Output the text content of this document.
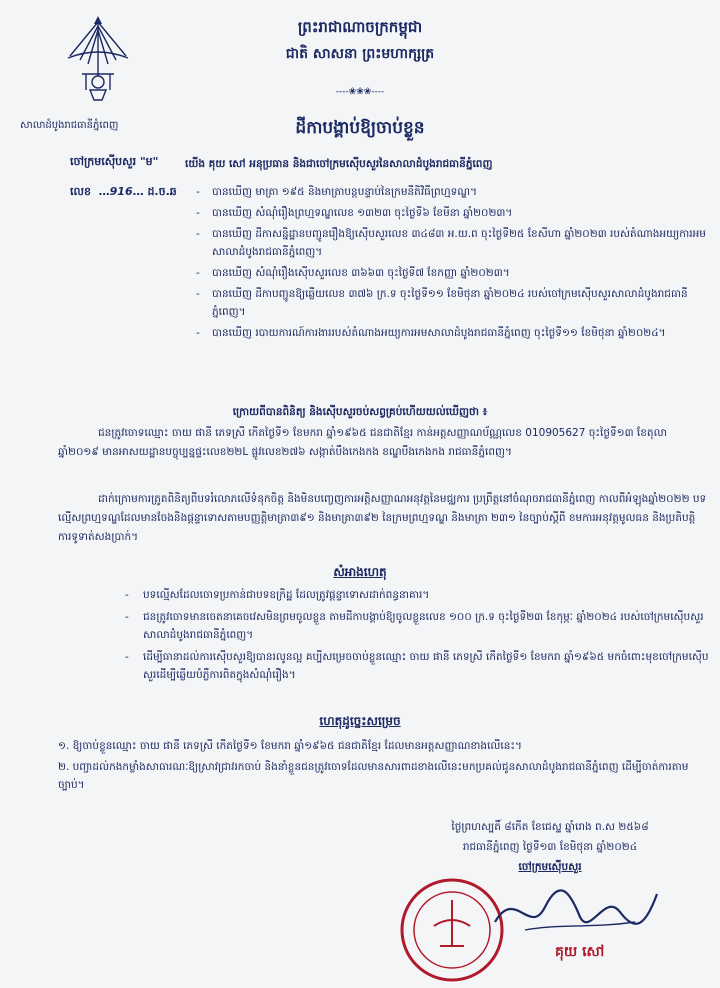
ព្រះរាជាណាចក្រកម្ពុជា
ជាតិ សាសនា ព្រះមហាក្សត្រ
----❀❀❀----
សាលាដំបូងរាជធានីភ្នំពេញ	ដីកាបង្គាប់ឱ្យចាប់ខ្លួន
ចៅក្រមស៊ើបសួរ "ម"	យើង គុយ សៅ អនុប្រធាន និងជាចៅក្រមស៊ើបសួរនៃសាលាដំបូងរាជធានីភ្នំពេញ
លេខ  …916… ដ.ច.ឆ
-	បានឃើញ មាត្រា ១៩៥ និងមាត្រាបន្តបន្ទាប់នៃក្រមនីតិវិធីព្រហ្មទណ្ឌ។
- បានឃើញ សំណុំរឿងព្រហ្មទណ្ឌលេខ ១៣២៣ ចុះថ្ងៃទី៦ ខែមីនា ឆ្នាំ២០២៣។
- បានឃើញ ដីកាសន្និដ្ឋានបញ្ជូនរឿងឱ្យស៊ើបសួរលេខ ៣៤៨៣ អ.យ.ព ចុះថ្ងៃទី២៥ ខែសីហា ឆ្នាំ២០២៣ របស់តំណាងអយ្យការអមសាលាដំបូងរាជធានីភ្នំពេញ។
- បានឃើញ សំណុំរឿងស៊ើបសួរលេខ ៣៦៦៣ ចុះថ្ងៃទី៧ ខែកញ្ញា ឆ្នាំ២០២៣។
- បានឃើញ ដីកាបញ្ជូនឱ្យឆ្លើយលេខ ៣៧៦ ក្រ.ទ ចុះថ្ងៃទី១១ ខែមិថុនា ឆ្នាំ២០២៤ របស់ចៅក្រមស៊ើបសួរសាលាដំបូងរាជធានីភ្នំពេញ។
- បានឃើញ របាយការណ៍ការងាររបស់តំណាងអយ្យការអមសាលាដំបូងរាជធានីភ្នំពេញ ចុះថ្ងៃទី១១ ខែមិថុនា ឆ្នាំ២០២៤។
ក្រោយពីបានពិនិត្យ និងស៊ើបសួរចប់សព្វគ្រប់ហើយយល់ឃើញថា ៖

ជនត្រូវចោទឈ្មោះ ចាយ ផានី ភេទស្រី កើតថ្ងៃទី១ ខែមករា ឆ្នាំ១៩៦៥ ជនជាតិខ្មែរ កាន់អត្តសញ្ញាណប័ណ្ណលេខ 010905627 ចុះថ្ងៃទី១៣ ខែតុលា ឆ្នាំ២០១៩ មានអាសយដ្ឋានបច្ចុប្បន្នផ្ទះលេខ២២L ផ្លូវលេខ២៧៦ សង្កាត់បឹងកេងកង ខណ្ឌបឹងកេងកង រាជធានីភ្នំពេញ។

ដាក់ក្រោមការត្រូតពិនិត្យពីបទរំលោភលើទំនុកចិត្ត និងមិនបញ្ចេញការអត្តិសញ្ញាណអនុវត្តនៃមជ្ឈការ ប្រព្រឹត្តនៅចំណុចរាជធានីភ្នំពេញ កាលពីអំឡុងឆ្នាំ២០២២ បទល្មើសព្រហ្មទណ្ឌដែលមានចែងនិងផ្តន្ទាទោសតាមបញ្ញត្តិមាត្រា៣៩១ និងមាត្រា៣៩២ នៃក្រមព្រហ្មទណ្ឌ និងមាត្រា ២៣១ នៃច្បាប់ស្តីពី ខមការអនុវត្តមូលធន និងប្រតិបត្តិការទូទាត់សងប្រាក់។

សំអាងហេតុ
- បទល្មើសដែលចោទប្រកាន់ជាបទឧក្រិដ្ឋ ដែលត្រូវផ្តន្ទាទោសដាក់ពន្ធនាគារ។
- ជនត្រូវចោទមានចេតនាគេចវេសមិនព្រមចូលខ្លួន តាមដីកាបង្គាប់ឱ្យចូលខ្លួនលេខ ១០០ ក្រ.ទ ចុះថ្ងៃទី២៣ ខែកុម្ភៈ ឆ្នាំ២០២៤ របស់ចៅក្រមស៊ើបសួរសាលាដំបូងរាជធានីភ្នំពេញ។
- ដើម្បីធានាដល់ការស៊ើបសួរឱ្យបានរលូនល្អ គប្បីសម្រេចចាប់ខ្លួនឈ្មោះ ចាយ ផានី ភេទស្រី កើតថ្ងៃទី១ ខែមករា ឆ្នាំ១៩៦៥ មកចំពោះមុខចៅក្រមស៊ើបសួរដើម្បីឆ្លើយបំភ្លឺការពិតក្នុងសំណុំរឿង។
ហេតុដូច្នេះសម្រេច
១. ឱ្យចាប់ខ្លួនឈ្មោះ ចាយ ផានី ភេទស្រី កើតថ្ងៃទី១ ខែមករា ឆ្នាំ១៩៦៥ ជនជាតិខ្មែរ ដែលមានអត្តសញ្ញាណខាងលើនេះ។
២. បញ្ជាដល់កងកម្លាំងសាធារណៈឱ្យស្រាវជ្រាវរកចាប់ និងនាំខ្លួនជនត្រូវចោទដែលមានសារពាដខាងលើនេះមកប្រគល់ជូនសាលាដំបូងរាជធានីភ្នំពេញ ដើម្បីចាត់ការតាមច្បាប់។
ថ្ងៃព្រហស្បតិ៍ ៨កើត ខែជេស្ឋ ឆ្នាំរោង ព.ស ២៥៦៨
រាជធានីភ្នំពេញ ថ្ងៃទី១៣ ខែមិថុនា ឆ្នាំ២០២៤
ចៅក្រមស៊ើបសួរ
គុយ សៅ
